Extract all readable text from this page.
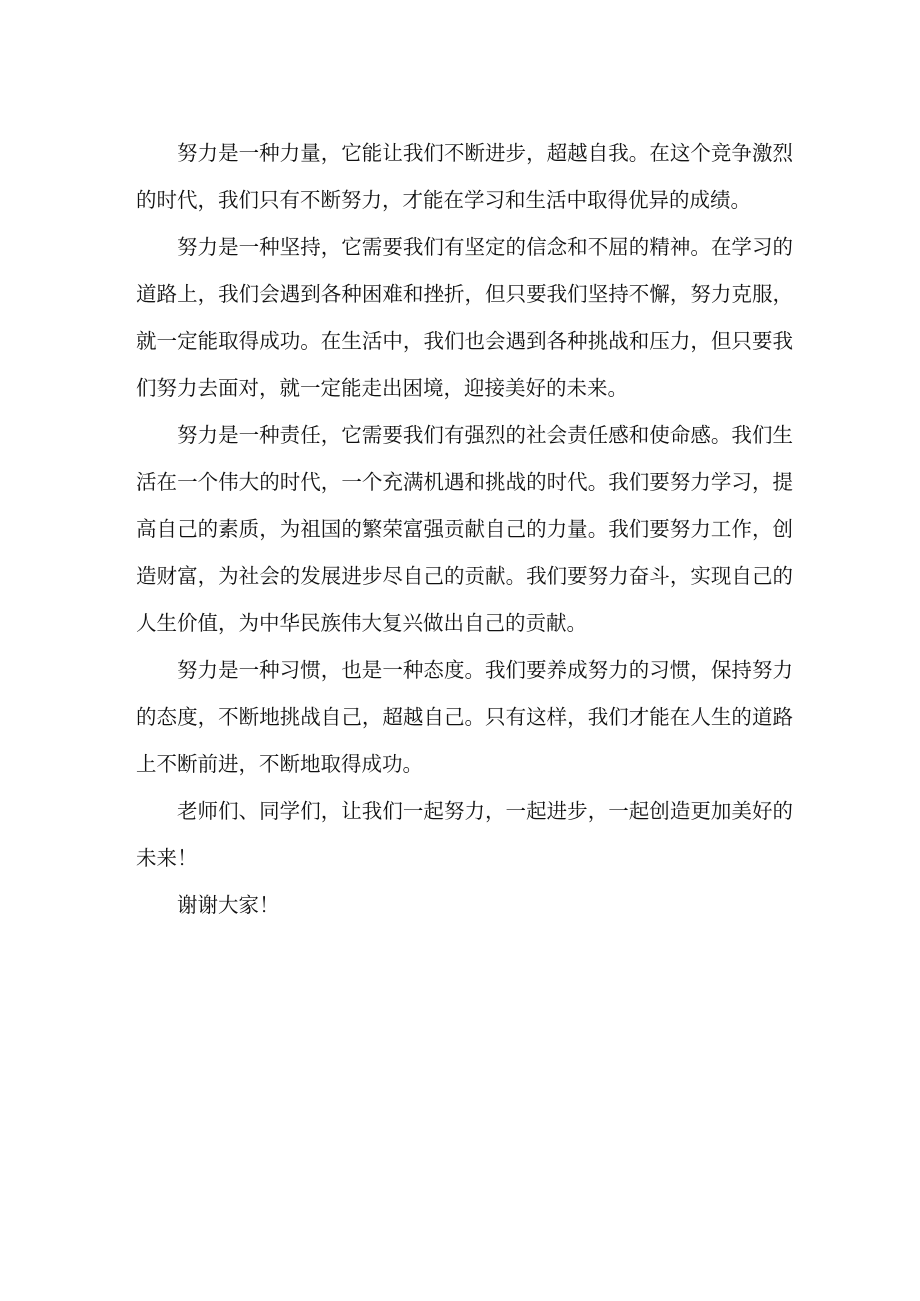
努力是一种力量，它能让我们不断进步，超越自我。在这个竞争激烈的时代，我们只有不断努力，才能在学习和生活中取得优异的成绩。

努力是一种坚持，它需要我们有坚定的信念和不屈的精神。在学习的道路上，我们会遇到各种困难和挫折，但只要我们坚持不懈，努力克服，就一定能取得成功。在生活中，我们也会遇到各种挑战和压力，但只要我们努力去面对，就一定能走出困境，迎接美好的未来。

努力是一种责任，它需要我们有强烈的社会责任感和使命感。我们生活在一个伟大的时代，一个充满机遇和挑战的时代。我们要努力学习，提高自己的素质，为祖国的繁荣富强贡献自己的力量。我们要努力工作，创造财富，为社会的发展进步尽自己的贡献。我们要努力奋斗，实现自己的人生价值，为中华民族伟大复兴做出自己的贡献。

努力是一种习惯，也是一种态度。我们要养成努力的习惯，保持努力的态度，不断地挑战自己，超越自己。只有这样，我们才能在人生的道路上不断前进，不断地取得成功。

老师们、同学们，让我们一起努力，一起进步，一起创造更加美好的未来！

谢谢大家！
